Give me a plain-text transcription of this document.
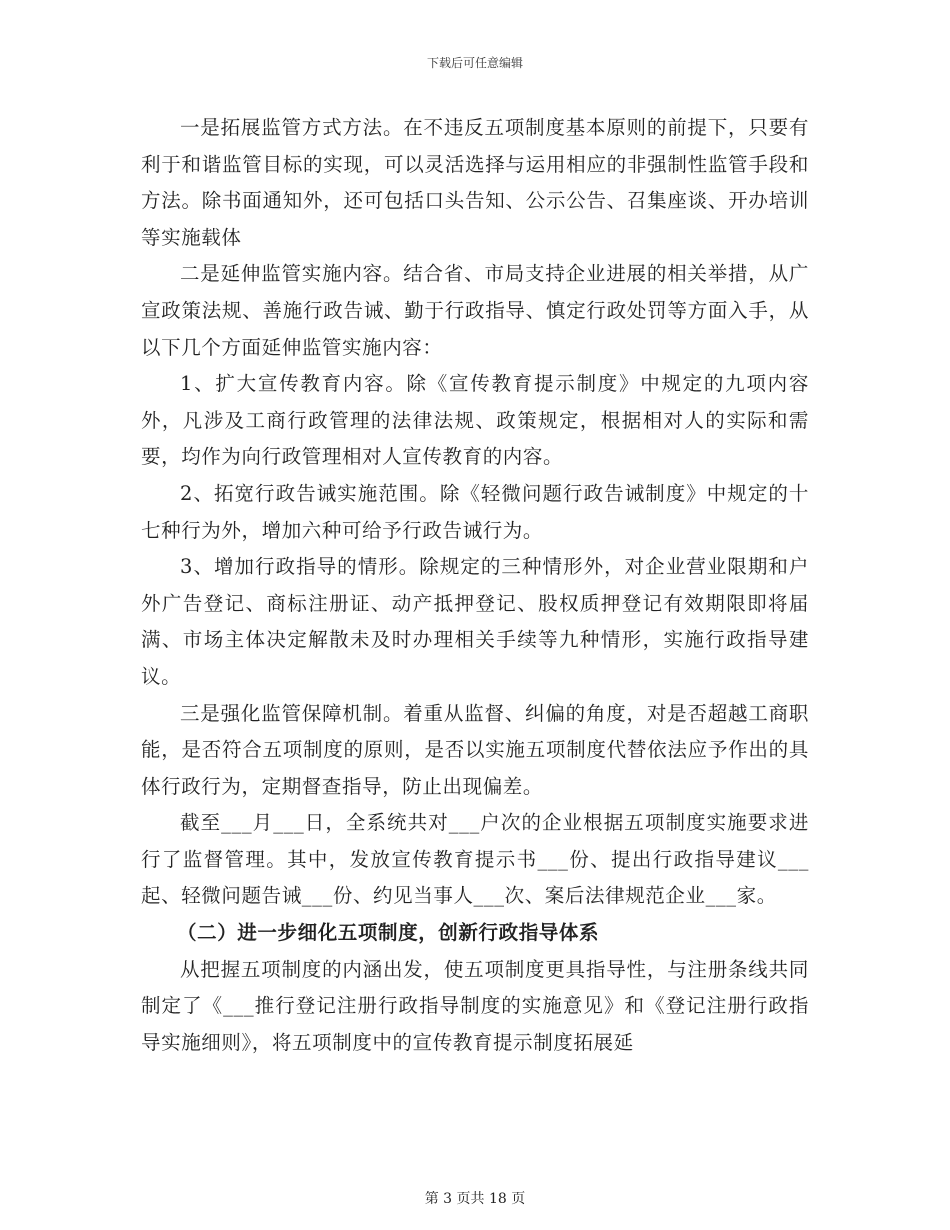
下载后可任意编辑

一是拓展监管方式方法。在不违反五项制度基本原则的前提下，只要有利于和谐监管目标的实现，可以灵活选择与运用相应的非强制性监管手段和方法。除书面通知外，还可包括口头告知、公示公告、召集座谈、开办培训等实施载体

二是延伸监管实施内容。结合省、市局支持企业进展的相关举措，从广宣政策法规、善施行政告诫、勤于行政指导、慎定行政处罚等方面入手，从以下几个方面延伸监管实施内容：

1、扩大宣传教育内容。除《宣传教育提示制度》中规定的九项内容外，凡涉及工商行政管理的法律法规、政策规定，根据相对人的实际和需要，均作为向行政管理相对人宣传教育的内容。

2、拓宽行政告诫实施范围。除《轻微问题行政告诫制度》中规定的十七种行为外，增加六种可给予行政告诫行为。

3、增加行政指导的情形。除规定的三种情形外，对企业营业限期和户外广告登记、商标注册证、动产抵押登记、股权质押登记有效期限即将届满、市场主体决定解散未及时办理相关手续等九种情形，实施行政指导建议。

三是强化监管保障机制。着重从监督、纠偏的角度，对是否超越工商职能，是否符合五项制度的原则，是否以实施五项制度代替依法应予作出的具体行政行为，定期督查指导，防止出现偏差。

截至___月___日，全系统共对___户次的企业根据五项制度实施要求进行了监督管理。其中，发放宣传教育提示书___份、提出行政指导建议___起、轻微问题告诫___份、约见当事人___次、案后法律规范企业___家。

（二）进一步细化五项制度，创新行政指导体系

从把握五项制度的内涵出发，使五项制度更具指导性，与注册条线共同制定了《___推行登记注册行政指导制度的实施意见》和《登记注册行政指导实施细则》，将五项制度中的宣传教育提示制度拓展延

第 3 页共 18 页
